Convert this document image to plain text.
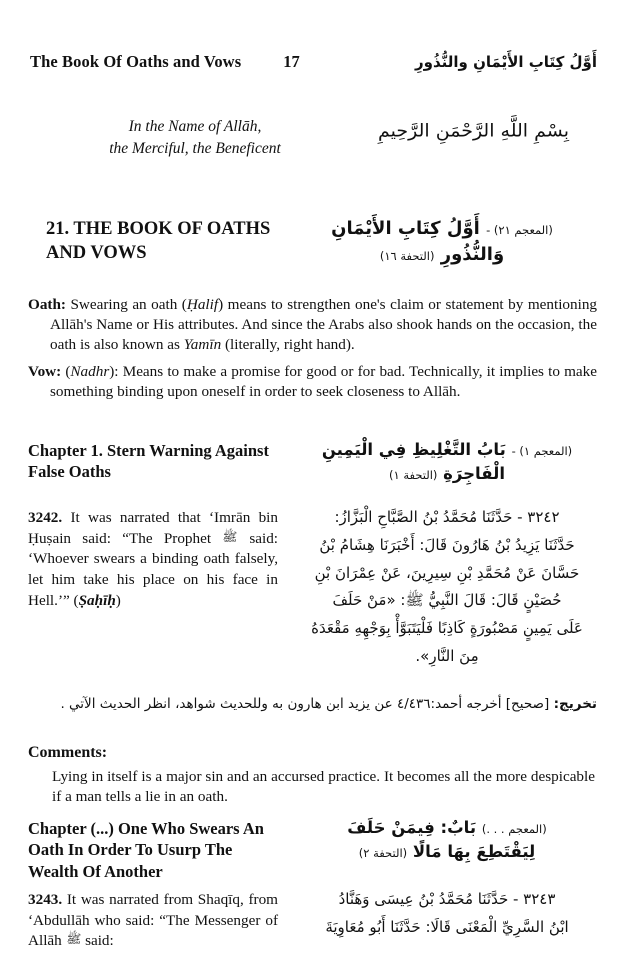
The Book Of Oaths and Vows	17	أَوَّلُ كِتَابِ الأَيْمَانِ والنُّذُورِ
In the Name of Allāh,
the Merciful, the Beneficent
بِسْمِ اللَّهِ الرَّحْمَنِ الرَّحِيمِ
21. THE BOOK OF OATHS AND VOWS
(المعجم ٢١) - أَوَّلُ كِتَابِ الأَيْمَانِ
وَالنُّذُورِ (التحفة ١٦)
Oath: Swearing an oath (Ḥalif) means to strengthen one's claim or statement by mentioning Allāh's Name or His attributes. And since the Arabs also shook hands on the occasion, the oath is also known as Yamīn (literally, right hand).
Vow: (Nadhr): Means to make a promise for good or for bad. Technically, it implies to make something binding upon oneself in order to seek closeness to Allāh.
Chapter 1. Stern Warning Against False Oaths
(المعجم ١) - بَابُ التَّغْلِيظِ فِي الْيَمِينِ
الْفَاجِرَةِ (التحفة ١)
3242. It was narrated that ‘Imrān bin Ḥuṣain said: “The Prophet ﷺ said: ‘Whoever swears a binding oath falsely, let him take his place on his face in Hell.’” (Ṣaḥīḥ)
٣٢٤٢ - حَدَّثَنَا مُحَمَّدُ بْنُ الصَّبَّاحِ الْبَزَّازُ:
حَدَّثَنَا يَزِيدُ بْنُ هَارُونَ قَالَ: أَخْبَرَنَا هِشَامُ بْنُ
حَسَّانَ عَنْ مُحَمَّدِ بْنِ سِيرِينَ، عَنْ عِمْرَانَ بْنِ
حُصَيْنٍ قَالَ: قَالَ النَّبِيُّ ﷺ: «مَنْ حَلَفَ
عَلَى يَمِينٍ مَصْبُورَةٍ كَاذِبًا فَلْيَتَبَوَّأْ بِوَجْهِهِ مَقْعَدَهُ
مِنَ النَّارِ».
تخريج: [صحيح] أخرجه أحمد:٤/٤٣٦ عن يزيد ابن هارون به وللحديث شواهد، انظر الحديث الآتي .
Comments:
Lying in itself is a major sin and an accursed practice. It becomes all the more despicable if a man tells a lie in an oath.
Chapter (...) One Who Swears An Oath In Order To Usurp The Wealth Of Another
(المعجم . . .) بَابٌ: فِيمَنْ حَلَفَ
لِيَقْتَطِعَ بِهَا مَالًا (التحفة ٢)
3243. It was narrated from Shaqīq, from ‘Abdullāh who said: “The Messenger of Allāh ﷺ said:
٣٢٤٣ - حَدَّثَنَا مُحَمَّدُ بْنُ عِيسَى وَهَنَّادُ
ابْنُ السَّرِيِّ الْمَعْنَى قَالَا: حَدَّثَنَا أَبُو مُعَاوِيَةَ
